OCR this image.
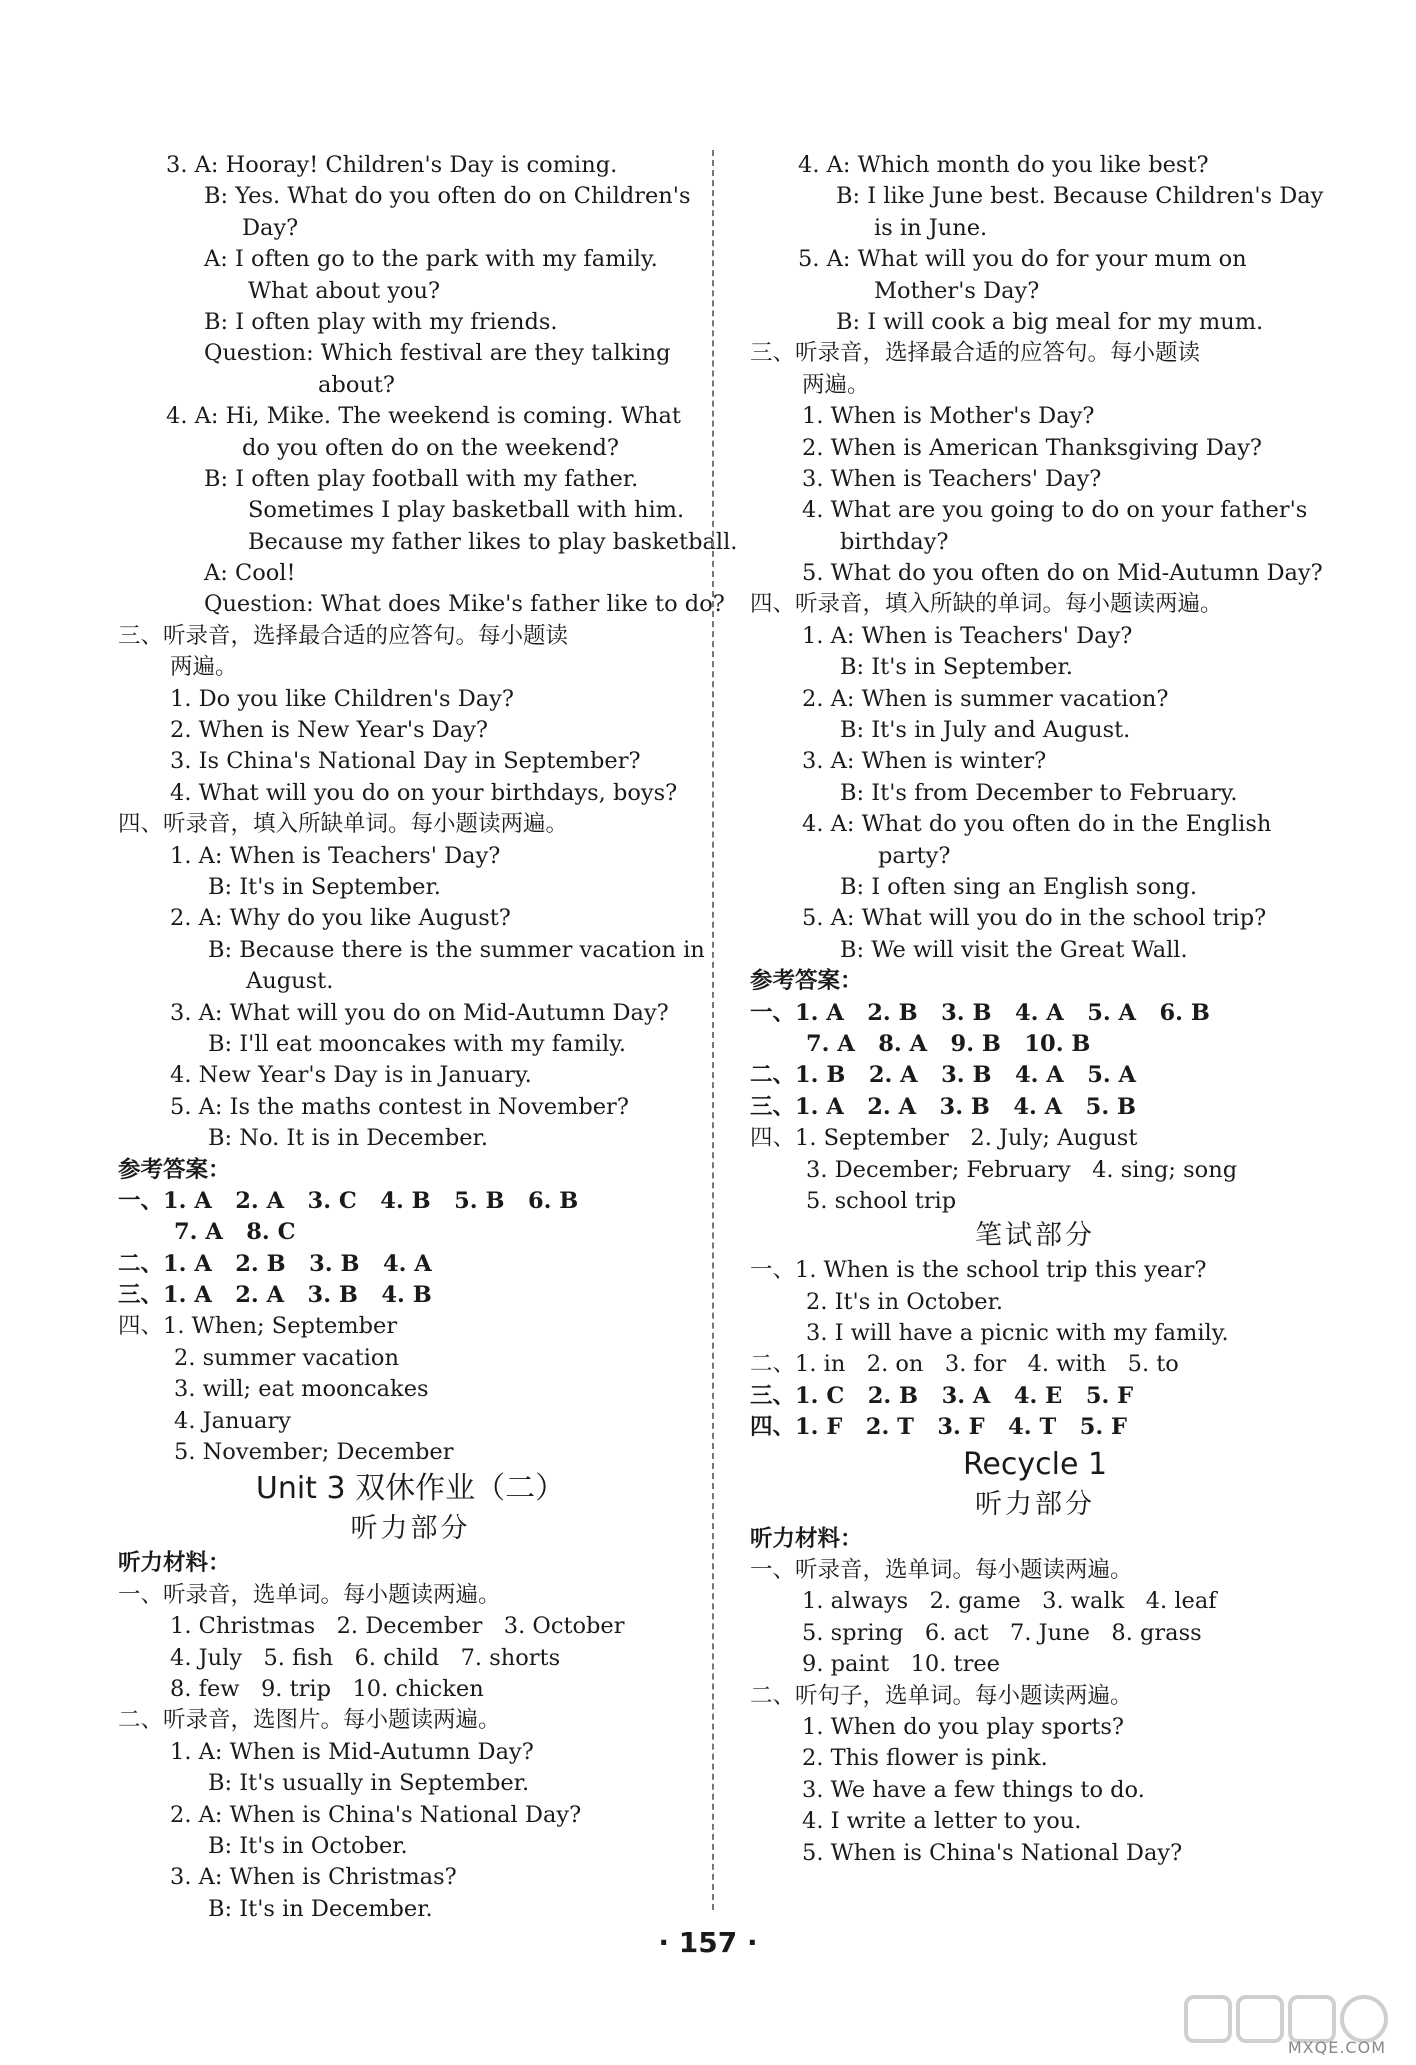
3. A: Hooray! Children's Day is coming.
B: Yes. What do you often do on Children's
Day?
A: I often go to the park with my family.
What about you?
B: I often play with my friends.
Question: Which festival are they talking
about?
4. A: Hi, Mike. The weekend is coming. What
do you often do on the weekend?
B: I often play football with my father.
Sometimes I play basketball with him.
Because my father likes to play basketball.
A: Cool!
Question: What does Mike's father like to do?
三、听录音，选择最合适的应答句。每小题读
两遍。
1. Do you like Children's Day?
2. When is New Year's Day?
3. Is China's National Day in September?
4. What will you do on your birthdays, boys?
四、听录音，填入所缺单词。每小题读两遍。
1. A: When is Teachers' Day?
B: It's in September.
2. A: Why do you like August?
B: Because there is the summer vacation in
August.
3. A: What will you do on Mid-Autumn Day?
B: I'll eat mooncakes with my family.
4. New Year's Day is in January.
5. A: Is the maths contest in November?
B: No. It is in December.
参考答案：
一、1. A   2. A   3. C   4. B   5. B   6. B
7. A   8. C
二、1. A   2. B   3. B   4. A
三、1. A   2. A   3. B   4. B
四、1. When; September
2. summer vacation
3. will; eat mooncakes
4. January
5. November; December
Unit 3 双休作业（二）
听力部分
听力材料：
一、听录音，选单词。每小题读两遍。
1. Christmas   2. December   3. October
4. July   5. fish   6. child   7. shorts
8. few   9. trip   10. chicken
二、听录音，选图片。每小题读两遍。
1. A: When is Mid-Autumn Day?
B: It's usually in September.
2. A: When is China's National Day?
B: It's in October.
3. A: When is Christmas?
B: It's in December.
4. A: Which month do you like best?
B: I like June best. Because Children's Day
is in June.
5. A: What will you do for your mum on
Mother's Day?
B: I will cook a big meal for my mum.
三、听录音，选择最合适的应答句。每小题读
两遍。
1. When is Mother's Day?
2. When is American Thanksgiving Day?
3. When is Teachers' Day?
4. What are you going to do on your father's
birthday?
5. What do you often do on Mid-Autumn Day?
四、听录音，填入所缺的单词。每小题读两遍。
1. A: When is Teachers' Day?
B: It's in September.
2. A: When is summer vacation?
B: It's in July and August.
3. A: When is winter?
B: It's from December to February.
4. A: What do you often do in the English
party?
B: I often sing an English song.
5. A: What will you do in the school trip?
B: We will visit the Great Wall.
参考答案：
一、1. A   2. B   3. B   4. A   5. A   6. B
7. A   8. A   9. B   10. B
二、1. B   2. A   3. B   4. A   5. A
三、1. A   2. A   3. B   4. A   5. B
四、1. September   2. July; August
3. December; February   4. sing; song
5. school trip
笔试部分
一、1. When is the school trip this year?
2. It's in October.
3. I will have a picnic with my family.
二、1. in   2. on   3. for   4. with   5. to
三、1. C   2. B   3. A   4. E   5. F
四、1. F   2. T   3. F   4. T   5. F
Recycle 1
听力部分
听力材料：
一、听录音，选单词。每小题读两遍。
1. always   2. game   3. walk   4. leaf
5. spring   6. act   7. June   8. grass
9. paint   10. tree
二、听句子，选单词。每小题读两遍。
1. When do you play sports?
2. This flower is pink.
3. We have a few things to do.
4. I write a letter to you.
5. When is China's National Day?
· 157 ·
MXQE.COM
